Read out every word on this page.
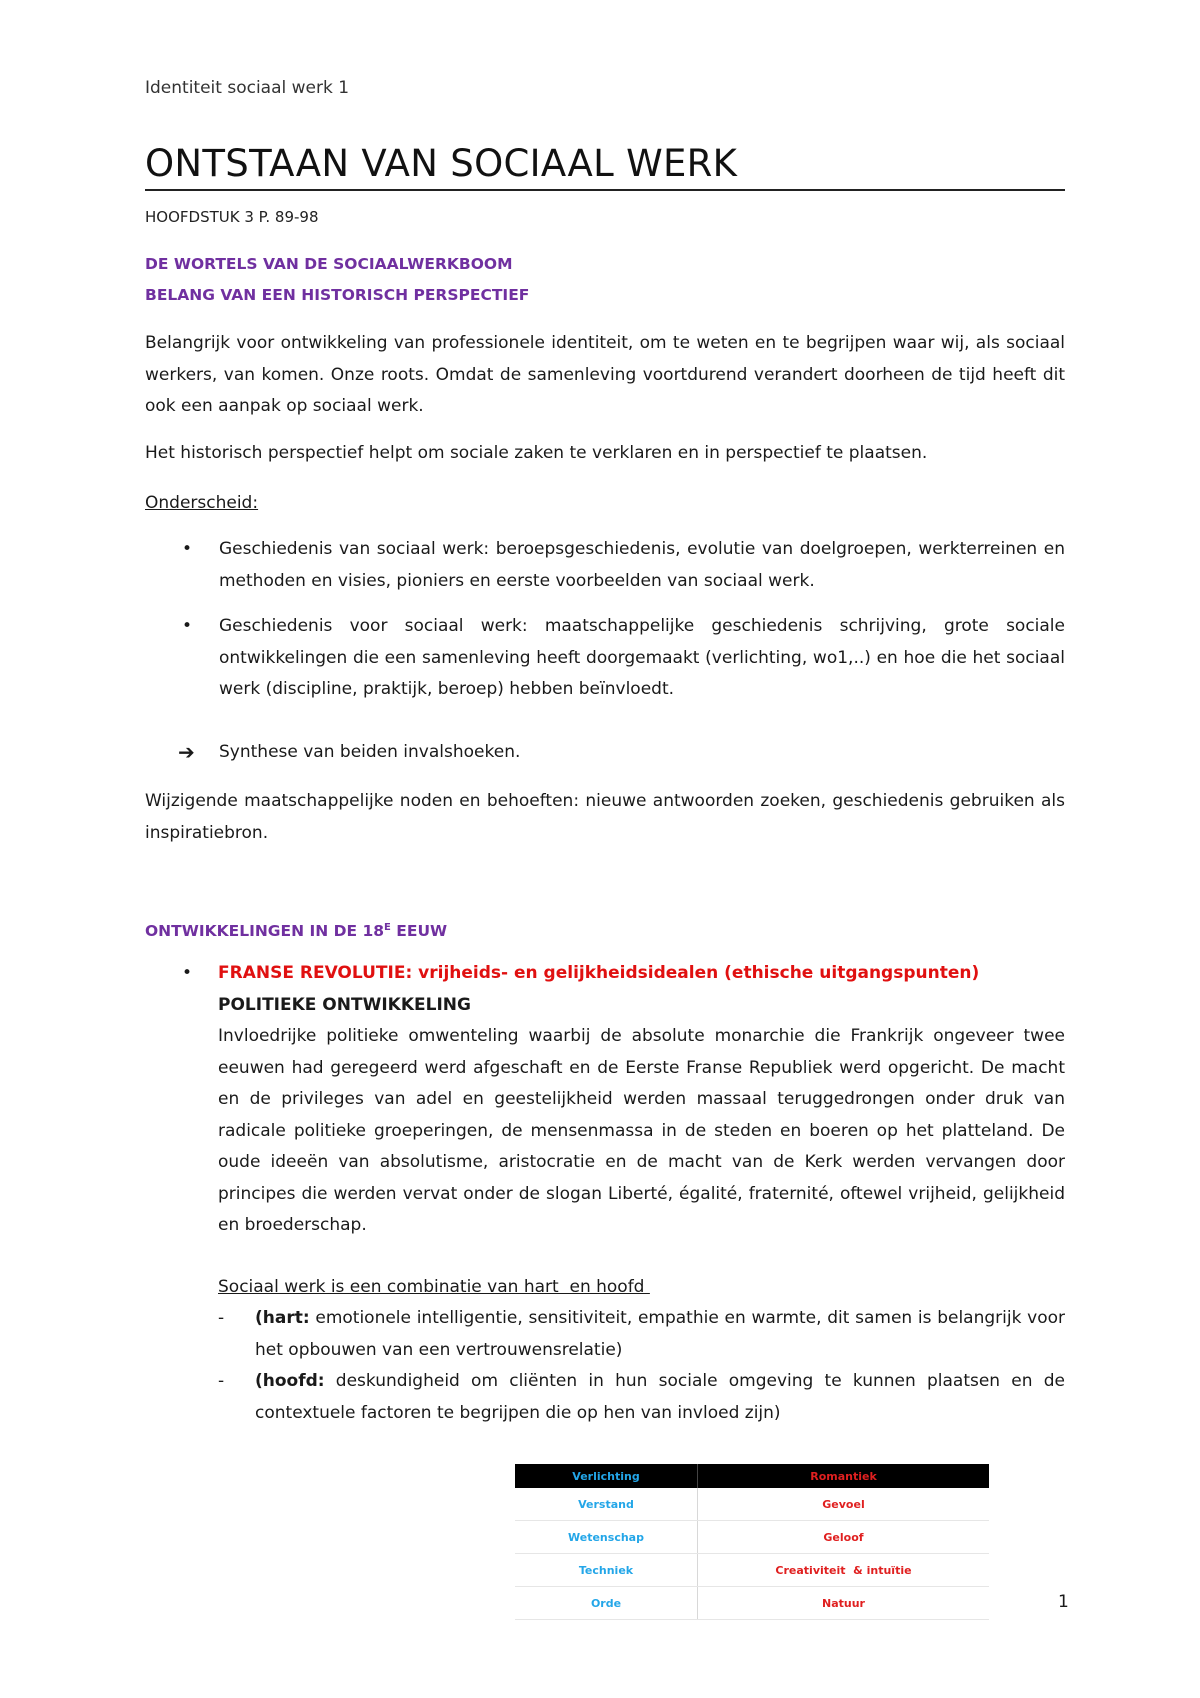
Identiteit sociaal werk 1
ONTSTAAN VAN SOCIAAL WERK
HOOFDSTUK 3 P. 89-98
DE WORTELS VAN DE SOCIAALWERKBOOM
BELANG VAN EEN HISTORISCH PERSPECTIEF
Belangrijk voor ontwikkeling van professionele identiteit, om te weten en te begrijpen waar wij, als sociaal werkers, van komen. Onze roots. Omdat de samenleving voortdurend verandert doorheen de tijd heeft dit ook een aanpak op sociaal werk.
Het historisch perspectief helpt om sociale zaken te verklaren en in perspectief te plaatsen.
Onderscheid:
• Geschiedenis van sociaal werk: beroepsgeschiedenis, evolutie van doelgroepen, werkterreinen en methoden en visies, pioniers en eerste voorbeelden van sociaal werk.
• Geschiedenis voor sociaal werk: maatschappelijke geschiedenis schrijving, grote sociale ontwikkelingen die een samenleving heeft doorgemaakt (verlichting, wo1,..) en hoe die het sociaal werk (discipline, praktijk, beroep) hebben beïnvloedt.
➔ Synthese van beiden invalshoeken.
Wijzigende maatschappelijke noden en behoeften: nieuwe antwoorden zoeken, geschiedenis gebruiken als inspiratiebron.
ONTWIKKELINGEN IN DE $18^E$ EEUW
• FRANSE REVOLUTIE: vrijheids- en gelijkheidsidealen (ethische uitgangspunten)
POLITIEKE ONTWIKKELING
Invloedrijke politieke omwenteling waarbij de absolute monarchie die Frankrijk ongeveer twee eeuwen had geregeerd werd afgeschaft en de Eerste Franse Republiek werd opgericht. De macht en de privileges van adel en geestelijkheid werden massaal teruggedrongen onder druk van radicale politieke groeperingen, de mensenmassa in de steden en boeren op het platteland. De oude ideeën van absolutisme, aristocratie en de macht van de Kerk werden vervangen door principes die werden vervat onder de slogan Liberté, égalité, fraternité, oftewel vrijheid, gelijkheid en broederschap.
Sociaal werk is een combinatie van hart  en hoofd
- (hart: emotionele intelligentie, sensitiviteit, empathie en warmte, dit samen is belangrijk voor het opbouwen van een vertrouwensrelatie)
- (hoofd: deskundigheid om cliënten in hun sociale omgeving te kunnen plaatsen en de contextuele factoren te begrijpen die op hen van invloed zijn)
Verlichting	Romantiek
Verstand	Gevoel
Wetenschap	Geloof
Techniek	Creativiteit  & intuïtie
Orde	Natuur	1
